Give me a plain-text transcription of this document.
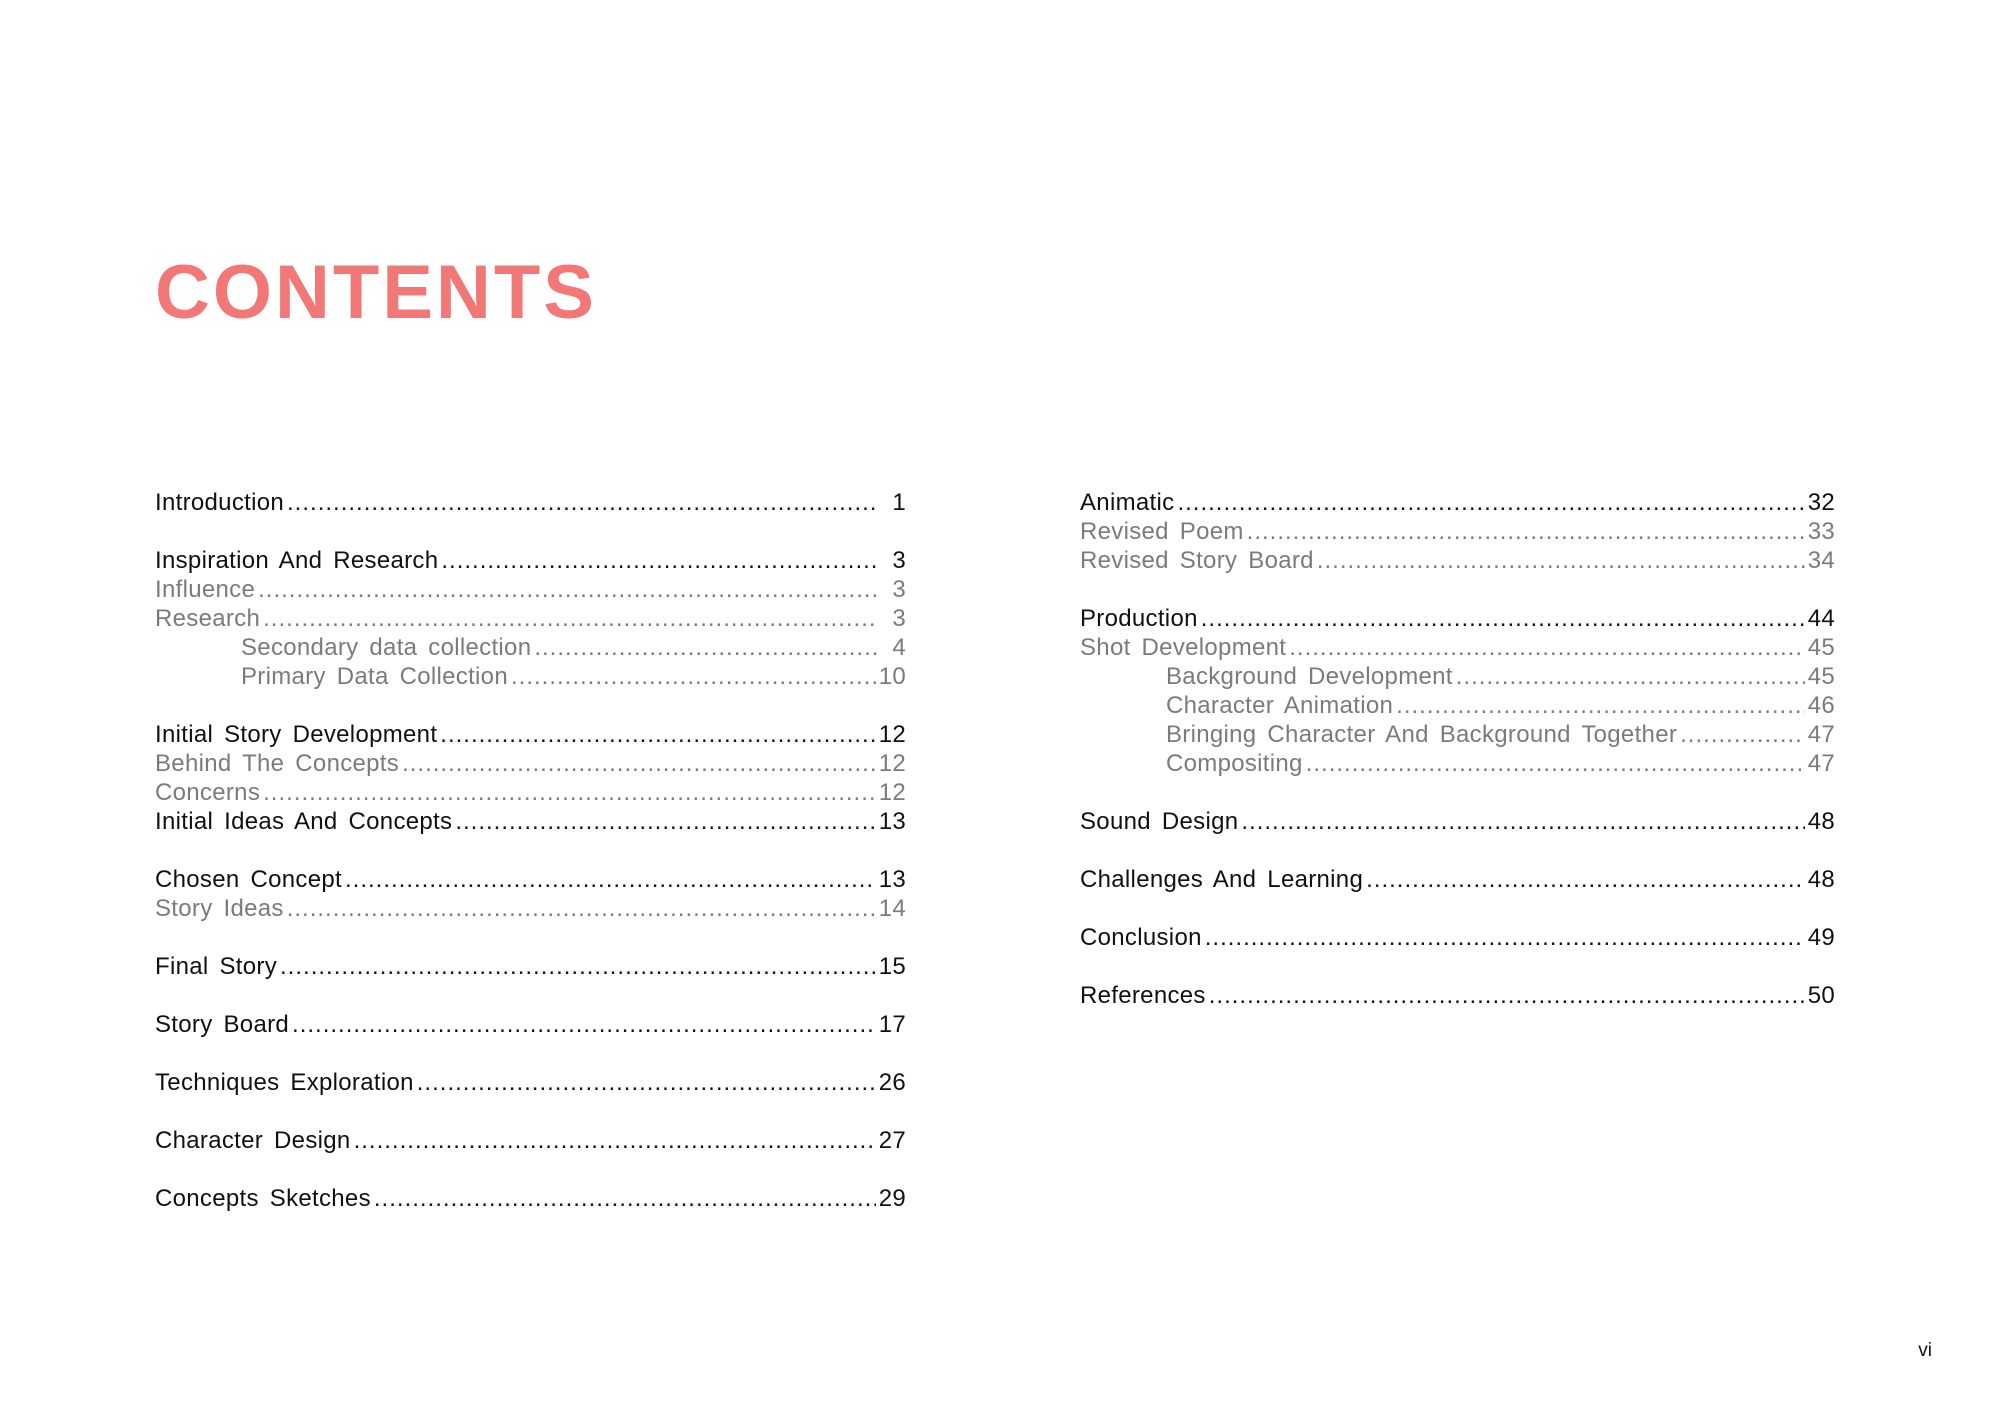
CONTENTS
Introduction .....	1
Inspiration And Research .....	3
Influence .....	3
Research .....	3
Secondary data collection .....	4
Primary Data Collection .....	10
Initial Story Development .....	12
Behind The Concepts .....	12
Concerns .....	12
Initial Ideas And Concepts .....	13
Chosen Concept .....	13
Story Ideas .....	14
Final Story .....	15
Story Board .....	17
Techniques Exploration .....	26
Character Design .....	27
Concepts Sketches .....	29
Animatic .....	32
Revised Poem .....	33
Revised Story Board .....	34
Production .....	44
Shot Development .....	45
Background Development .....	45
Character Animation .....	46
Bringing Character And Background Together .....	47
Compositing .....	47
Sound Design .....	48
Challenges And Learning .....	48
Conclusion .....	49
References .....	50
vi
